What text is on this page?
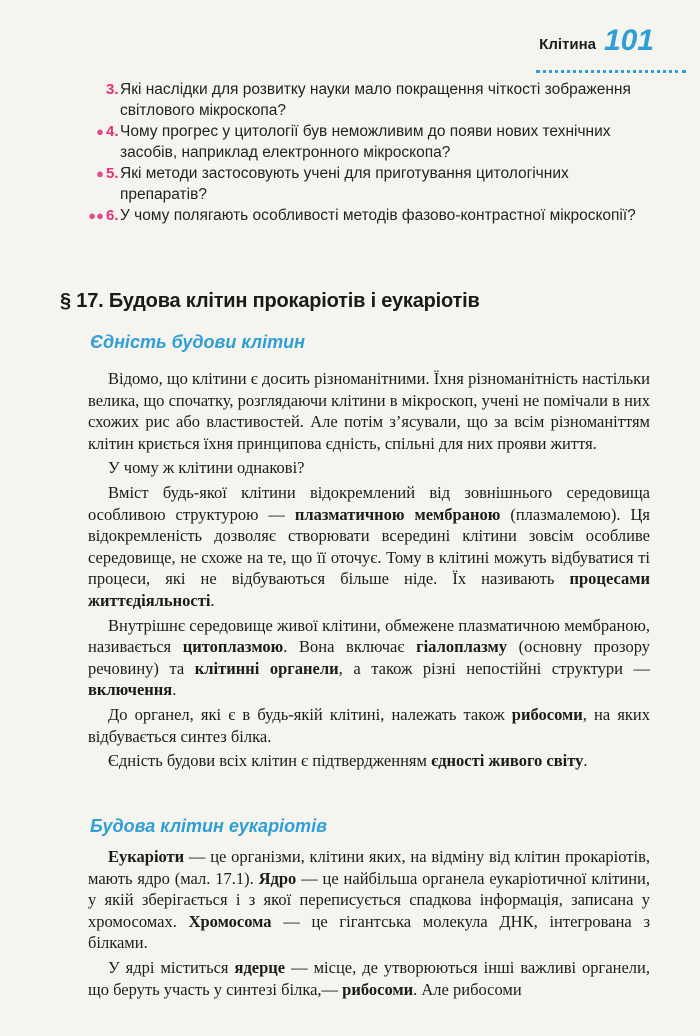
Клітина 101
3. Які наслідки для розвитку науки мало покращення чіткості зображення світлового мікроскопа?
● 4. Чому прогрес у цитології був неможливим до появи нових технічних засобів, наприклад електронного мікроскопа?
● 5. Які методи застосовують учені для приготування цитологічних препаратів?
●● 6. У чому полягають особливості методів фазово-контрастної мікроскопії?
§ 17. Будова клітин прокаріотів і еукаріотів
Єдність будови клітин

Відомо, що клітини є досить різноманітними. Їхня різноманітність настільки велика, що спочатку, розглядаючи клітини в мікроскоп, учені не помічали в них схожих рис або властивостей. Але потім з’ясували, що за всім різноманіттям клітин криється їхня принципова єдність, спільні для них прояви життя.

У чому ж клітини однакові?

Вміст будь-якої клітини відокремлений від зовнішнього середовища особливою структурою — плазматичною мембраною (плазмалемою). Ця відокремленість дозволяє створювати всередині клітини зовсім особливе середовище, не схоже на те, що її оточує. Тому в клітині можуть відбуватися ті процеси, які не відбуваються більше ніде. Їх називають процесами життєдіяльності.

Внутрішнє середовище живої клітини, обмежене плазматичною мембраною, називається цитоплазмою. Вона включає гіалоплазму (основну прозору речовину) та клітинні органели, а також різні непостійні структури — включення.

До органел, які є в будь-якій клітині, належать також рибосоми, на яких відбувається синтез білка.

Єдність будови всіх клітин є підтвердженням єдності живого світу.

Будова клітин еукаріотів

Еукаріоти — це організми, клітини яких, на відміну від клітин прокаріотів, мають ядро (мал. 17.1). Ядро — це найбільша органела еукаріотичної клітини, у якій зберігається і з якої переписується спадкова інформація, записана у хромосомах. Хромосома — це гігантська молекула ДНК, інтегрована з білками.

У ядрі міститься ядерце — місце, де утворюються інші важливі органели, що беруть участь у синтезі білка,— рибосоми. Але рибосоми
